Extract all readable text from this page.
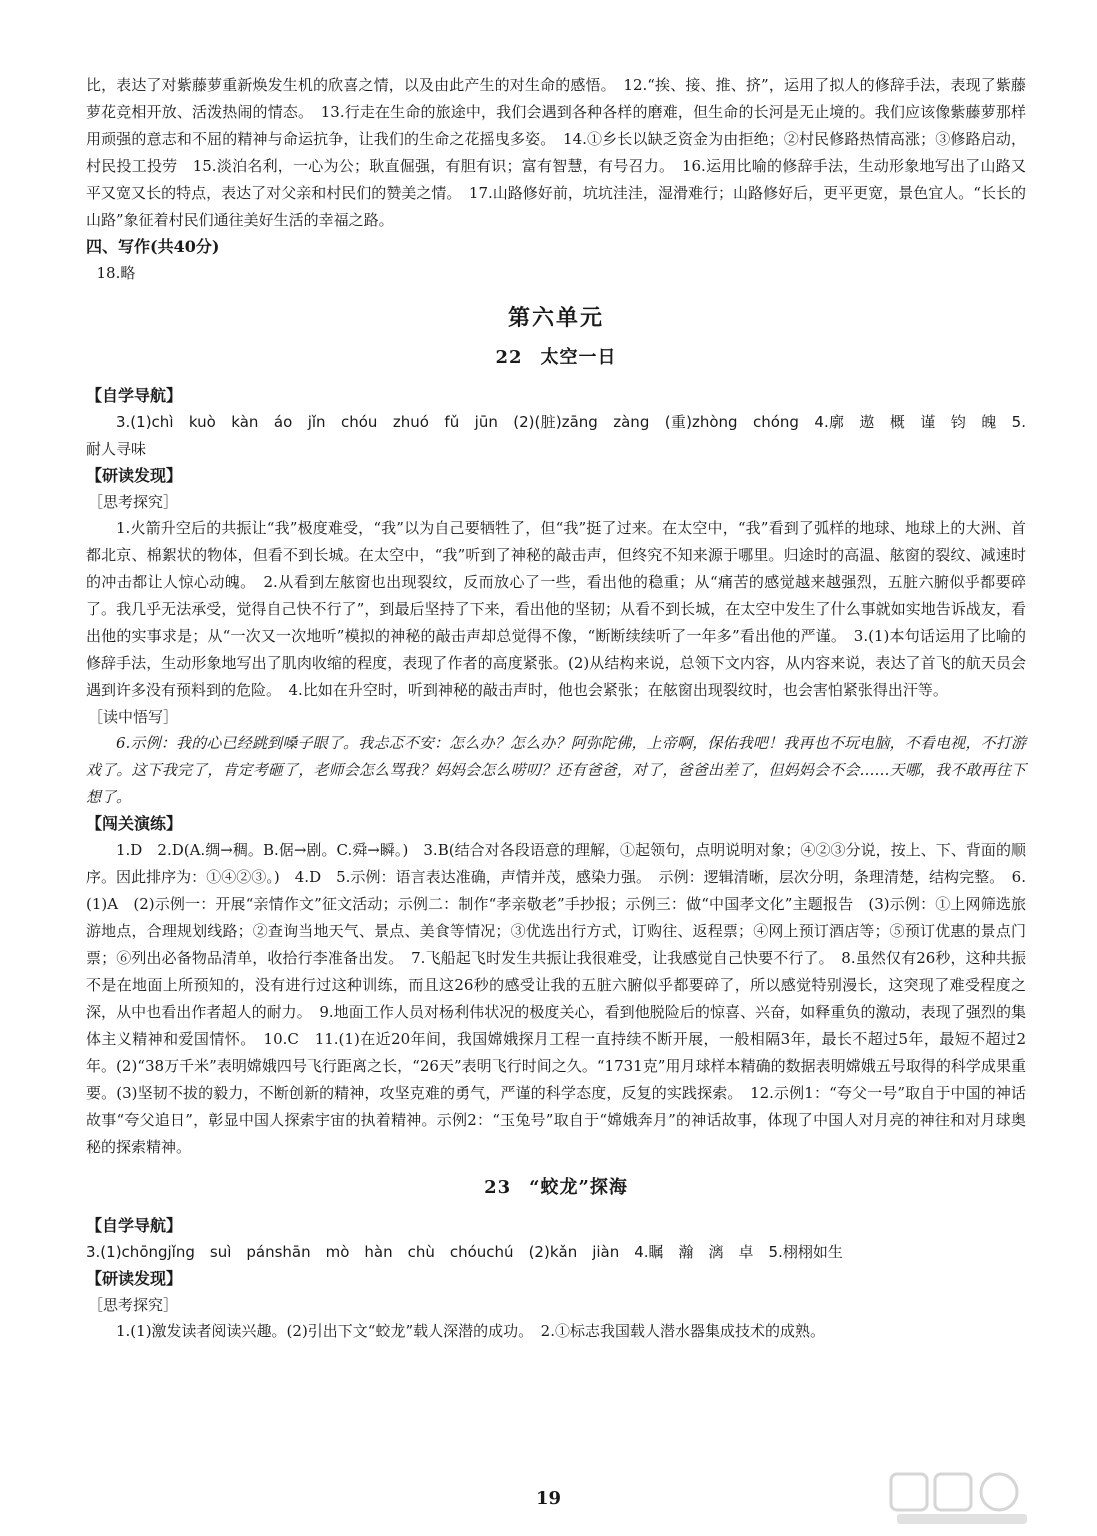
比，表达了对紫藤萝重新焕发生机的欣喜之情，以及由此产生的对生命的感悟。　12.“挨、接、推、挤”，运用了拟人的修辞手法，表现了紫藤萝花竞相开放、活泼热闹的情态。　13.行走在生命的旅途中，我们会遇到各种各样的磨难，但生命的长河是无止境的。我们应该像紫藤萝那样用顽强的意志和不屈的精神与命运抗争，让我们的生命之花摇曳多姿。　14.①乡长以缺乏资金为由拒绝；②村民修路热情高涨；③修路启动，村民投工投劳　15.淡泊名利，一心为公；耿直倔强，有胆有识；富有智慧，有号召力。　16.运用比喻的修辞手法，生动形象地写出了山路又平又宽又长的特点，表达了对父亲和村民们的赞美之情。　17.山路修好前，坑坑洼洼，湿滑难行；山路修好后，更平更宽，景色宜人。“长长的山路”象征着村民们通往美好生活的幸福之路。

四、写作(共40分)

18.略

第六单元
22 太空一日

【自学导航】

3.(1)chì　kuò　kàn　áo　jǐn　chóu　zhuó　fǔ　jūn　(2)(脏)zāng　zàng　(重)zhòng　chóng　4.廓　遨　概　谨　钧　魄　5.耐人寻味

【研读发现】

［思考探究］

1.火箭升空后的共振让“我”极度难受，“我”以为自己要牺牲了，但“我”挺了过来。在太空中，“我”看到了弧样的地球、地球上的大洲、首都北京、棉絮状的物体，但看不到长城。在太空中，“我”听到了神秘的敲击声，但终究不知来源于哪里。归途时的高温、舷窗的裂纹、减速时的冲击都让人惊心动魄。　2.从看到左舷窗也出现裂纹，反而放心了一些，看出他的稳重；从“痛苦的感觉越来越强烈，五脏六腑似乎都要碎了。我几乎无法承受，觉得自己快不行了”，到最后坚持了下来，看出他的坚韧；从看不到长城，在太空中发生了什么事就如实地告诉战友，看出他的实事求是；从“一次又一次地听”模拟的神秘的敲击声却总觉得不像，“断断续续听了一年多”看出他的严谨。　3.(1)本句话运用了比喻的修辞手法，生动形象地写出了肌肉收缩的程度，表现了作者的高度紧张。(2)从结构来说，总领下文内容，从内容来说，表达了首飞的航天员会遇到许多没有预料到的危险。　4.比如在升空时，听到神秘的敲击声时，他也会紧张；在舷窗出现裂纹时，也会害怕紧张得出汗等。

［读中悟写］

6.示例：我的心已经跳到嗓子眼了。我忐忑不安：怎么办？怎么办？阿弥陀佛，上帝啊，保佑我吧！我再也不玩电脑，不看电视，不打游戏了。这下我完了，肯定考砸了，老师会怎么骂我？妈妈会怎么唠叨？还有爸爸，对了，爸爸出差了，但妈妈会不会……天哪，我不敢再往下想了。

【闯关演练】

1.D　2.D(A.绸→稠。B.倨→剧。C.舜→瞬。)　3.B(结合对各段语意的理解，①起领句，点明说明对象；④②③分说，按上、下、背面的顺序。因此排序为：①④②③。)　4.D　5.示例：语言表达准确，声情并茂，感染力强。　示例：逻辑清晰，层次分明，条理清楚，结构完整。　6.(1)A　(2)示例一：开展“亲情作文”征文活动；示例二：制作“孝亲敬老”手抄报；示例三：做“中国孝文化”主题报告　(3)示例：①上网筛选旅游地点，合理规划线路；②查询当地天气、景点、美食等情况；③优选出行方式，订购往、返程票；④网上预订酒店等；⑤预订优惠的景点门票；⑥列出必备物品清单，收拾行李准备出发。　7.飞船起飞时发生共振让我很难受，让我感觉自己快要不行了。　8.虽然仅有26秒，这种共振不是在地面上所预知的，没有进行过这种训练，而且这26秒的感受让我的五脏六腑似乎都要碎了，所以感觉特别漫长，这突现了难受程度之深，从中也看出作者超人的耐力。　9.地面工作人员对杨利伟状况的极度关心，看到他脱险后的惊喜、兴奋，如释重负的激动，表现了强烈的集体主义精神和爱国情怀。　10.C　11.(1)在近20年间，我国嫦娥探月工程一直持续不断开展，一般相隔3年，最长不超过5年，最短不超过2年。(2)“38万千米”表明嫦娥四号飞行距离之长，“26天”表明飞行时间之久。“1731克”用月球样本精确的数据表明嫦娥五号取得的科学成果重要。(3)坚韧不拔的毅力，不断创新的精神，攻坚克难的勇气，严谨的科学态度，反复的实践探索。　12.示例1：“夸父一号”取自于中国的神话故事“夸父追日”，彰显中国人探索宇宙的执着精神。示例2：“玉兔号”取自于“嫦娥奔月”的神话故事，体现了中国人对月亮的神往和对月球奥秘的探索精神。

23 “蛟龙”探海

【自学导航】

3.(1)chōngjǐng　suì　pánshān　mò　hàn　chù　chóuchú　(2)kǎn　jiàn　4.瞩　瀚　漓　卓　5.栩栩如生

【研读发现】

［思考探究］

1.(1)激发读者阅读兴趣。(2)引出下文“蛟龙”载人深潜的成功。　2.①标志我国载人潜水器集成技术的成熟。

19
